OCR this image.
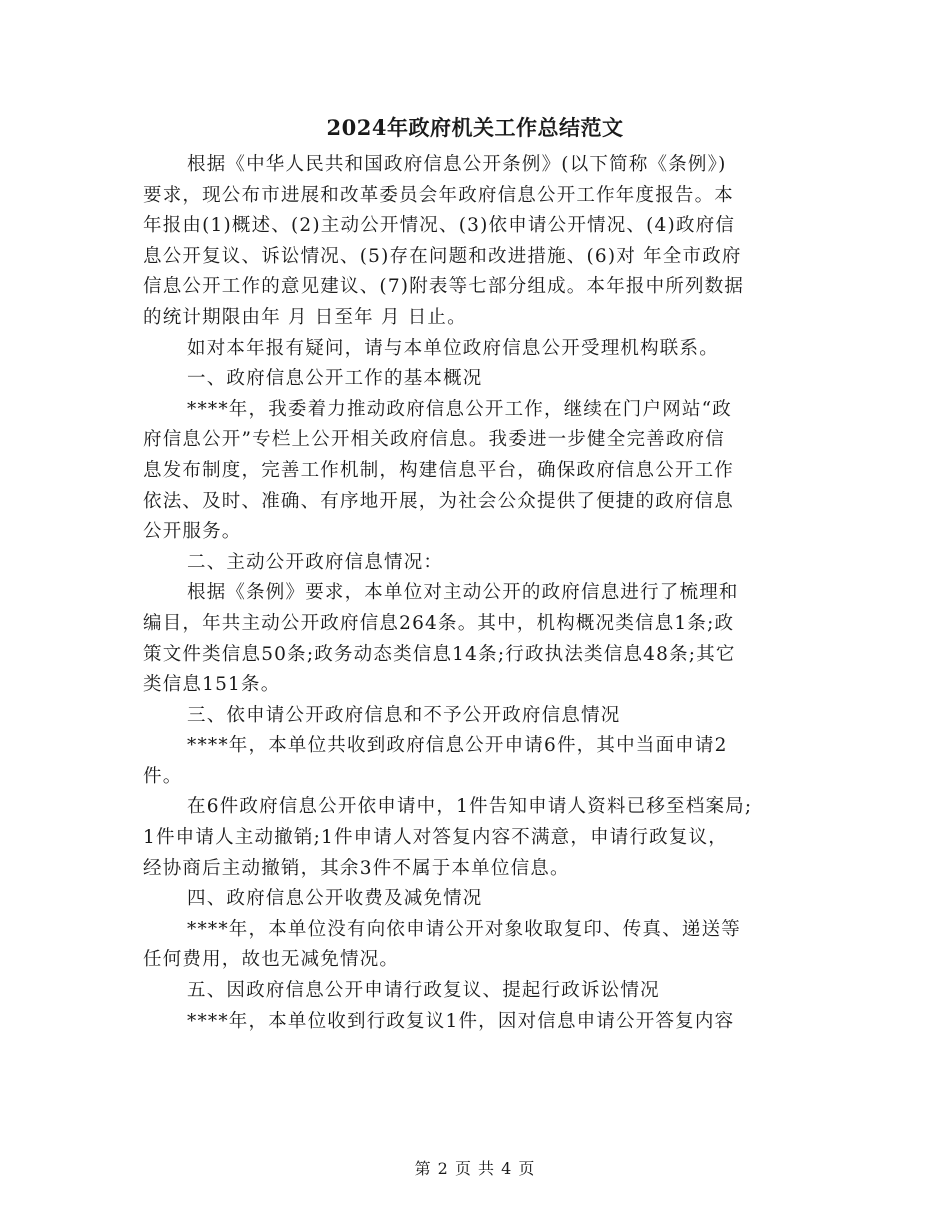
2024年政府机关工作总结范文
根据《中华人民共和国政府信息公开条例》(以下简称《条例》)
要求，现公布市进展和改革委员会年政府信息公开工作年度报告。本
年报由(1)概述、(2)主动公开情况、(3)依申请公开情况、(4)政府信
息公开复议、诉讼情况、(5)存在问题和改进措施、(6)对 年全市政府
信息公开工作的意见建议、(7)附表等七部分组成。本年报中所列数据
的统计期限由年 月 日至年 月 日止。
如对本年报有疑问，请与本单位政府信息公开受理机构联系。
一、政府信息公开工作的基本概况
****年，我委着力推动政府信息公开工作，继续在门户网站“政
府信息公开”专栏上公开相关政府信息。我委进一步健全完善政府信
息发布制度，完善工作机制，构建信息平台，确保政府信息公开工作
依法、及时、准确、有序地开展，为社会公众提供了便捷的政府信息
公开服务。
二、主动公开政府信息情况：
根据《条例》要求，本单位对主动公开的政府信息进行了梳理和
编目，年共主动公开政府信息264条。其中，机构概况类信息1条;政
策文件类信息50条;政务动态类信息14条;行政执法类信息48条;其它
类信息151条。
三、依申请公开政府信息和不予公开政府信息情况
****年，本单位共收到政府信息公开申请6件，其中当面申请2
件。
在6件政府信息公开依申请中，1件告知申请人资料已移至档案局;
1件申请人主动撤销;1件申请人对答复内容不满意，申请行政复议，
经协商后主动撤销，其余3件不属于本单位信息。
四、政府信息公开收费及减免情况
****年，本单位没有向依申请公开对象收取复印、传真、递送等
任何费用，故也无减免情况。
五、因政府信息公开申请行政复议、提起行政诉讼情况
****年，本单位收到行政复议1件，因对信息申请公开答复内容
第 2 页 共 4 页
